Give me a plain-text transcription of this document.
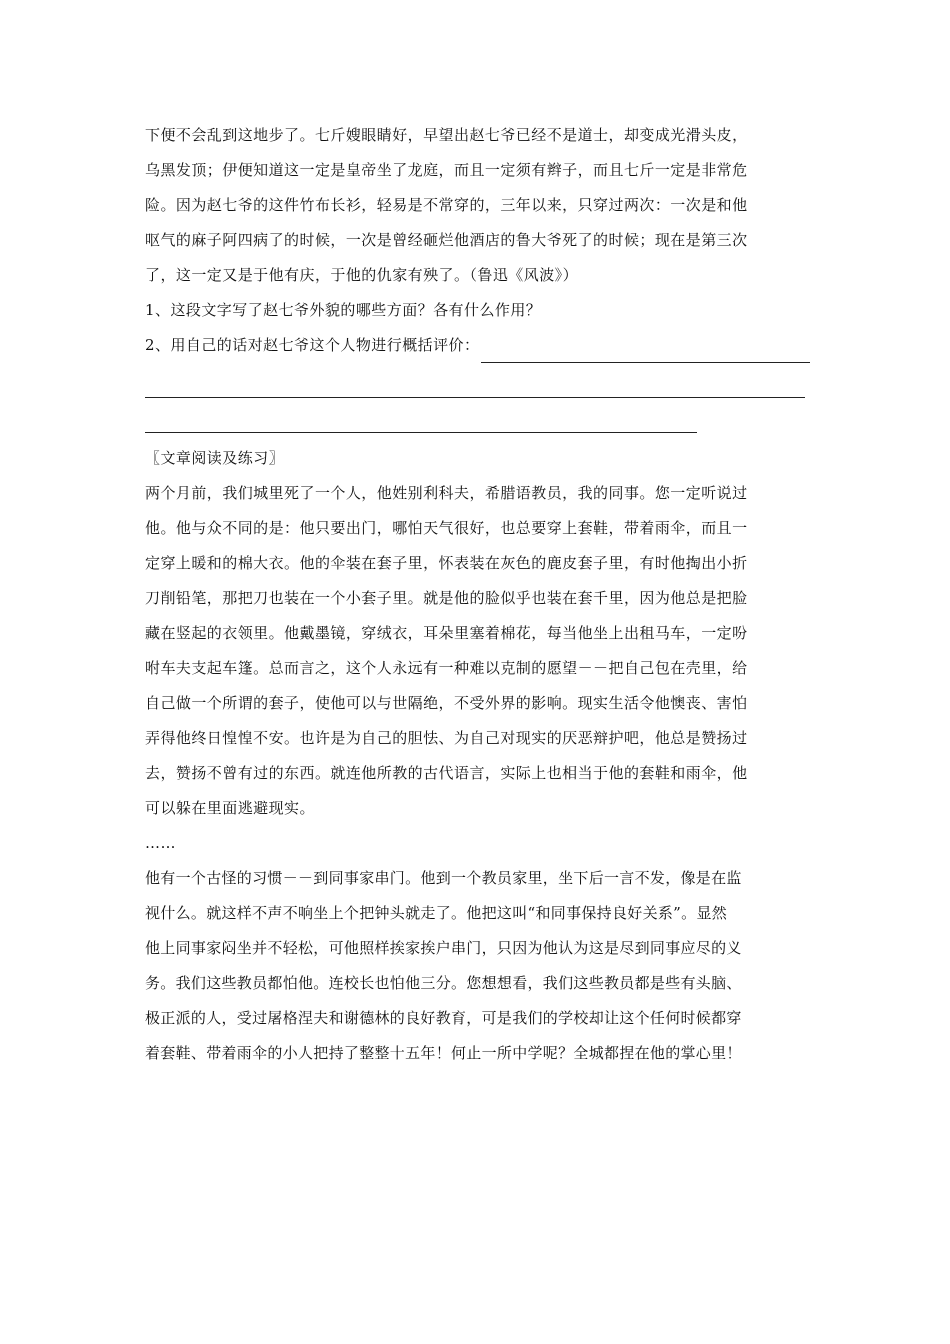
下便不会乱到这地步了。七斤嫂眼睛好，早望出赵七爷已经不是道士，却变成光滑头皮，
乌黑发顶；伊便知道这一定是皇帝坐了龙庭，而且一定须有辫子，而且七斤一定是非常危
险。因为赵七爷的这件竹布长衫，轻易是不常穿的，三年以来，只穿过两次：一次是和他
呕气的麻子阿四病了的时候，一次是曾经砸烂他酒店的鲁大爷死了的时候；现在是第三次
了，这一定又是于他有庆，于他的仇家有殃了。（鲁迅《风波》）
1、这段文字写了赵七爷外貌的哪些方面？各有什么作用？
2、用自己的话对赵七爷这个人物进行概括评价：
〖文章阅读及练习〗
两个月前，我们城里死了一个人，他姓别利科夫，希腊语教员，我的同事。您一定听说过
他。他与众不同的是：他只要出门，哪怕天气很好，也总要穿上套鞋，带着雨伞，而且一
定穿上暖和的棉大衣。他的伞装在套子里，怀表装在灰色的鹿皮套子里，有时他掏出小折
刀削铅笔，那把刀也装在一个小套子里。就是他的脸似乎也装在套千里，因为他总是把脸
藏在竖起的衣领里。他戴墨镜，穿绒衣，耳朵里塞着棉花，每当他坐上出租马车，一定吩
咐车夫支起车篷。总而言之，这个人永远有一种难以克制的愿望－－把自己包在壳里，给
自己做一个所谓的套子，使他可以与世隔绝，不受外界的影响。现实生活令他懊丧、害怕
弄得他终日惶惶不安。也许是为自己的胆怯、为自己对现实的厌恶辩护吧，他总是赞扬过
去，赞扬不曾有过的东西。就连他所教的古代语言，实际上也相当于他的套鞋和雨伞，他
可以躲在里面逃避现实。
……
他有一个古怪的习惯－－到同事家串门。他到一个教员家里，坐下后一言不发，像是在监
视什么。就这样不声不响坐上个把钟头就走了。他把这叫“和同事保持良好关系”。显然
他上同事家闷坐并不轻松，可他照样挨家挨户串门，只因为他认为这是尽到同事应尽的义
务。我们这些教员都怕他。连校长也怕他三分。您想想看，我们这些教员都是些有头脑、
极正派的人，受过屠格涅夫和谢德林的良好教育，可是我们的学校却让这个任何时候都穿
着套鞋、带着雨伞的小人把持了整整十五年！何止一所中学呢？全城都捏在他的掌心里！
